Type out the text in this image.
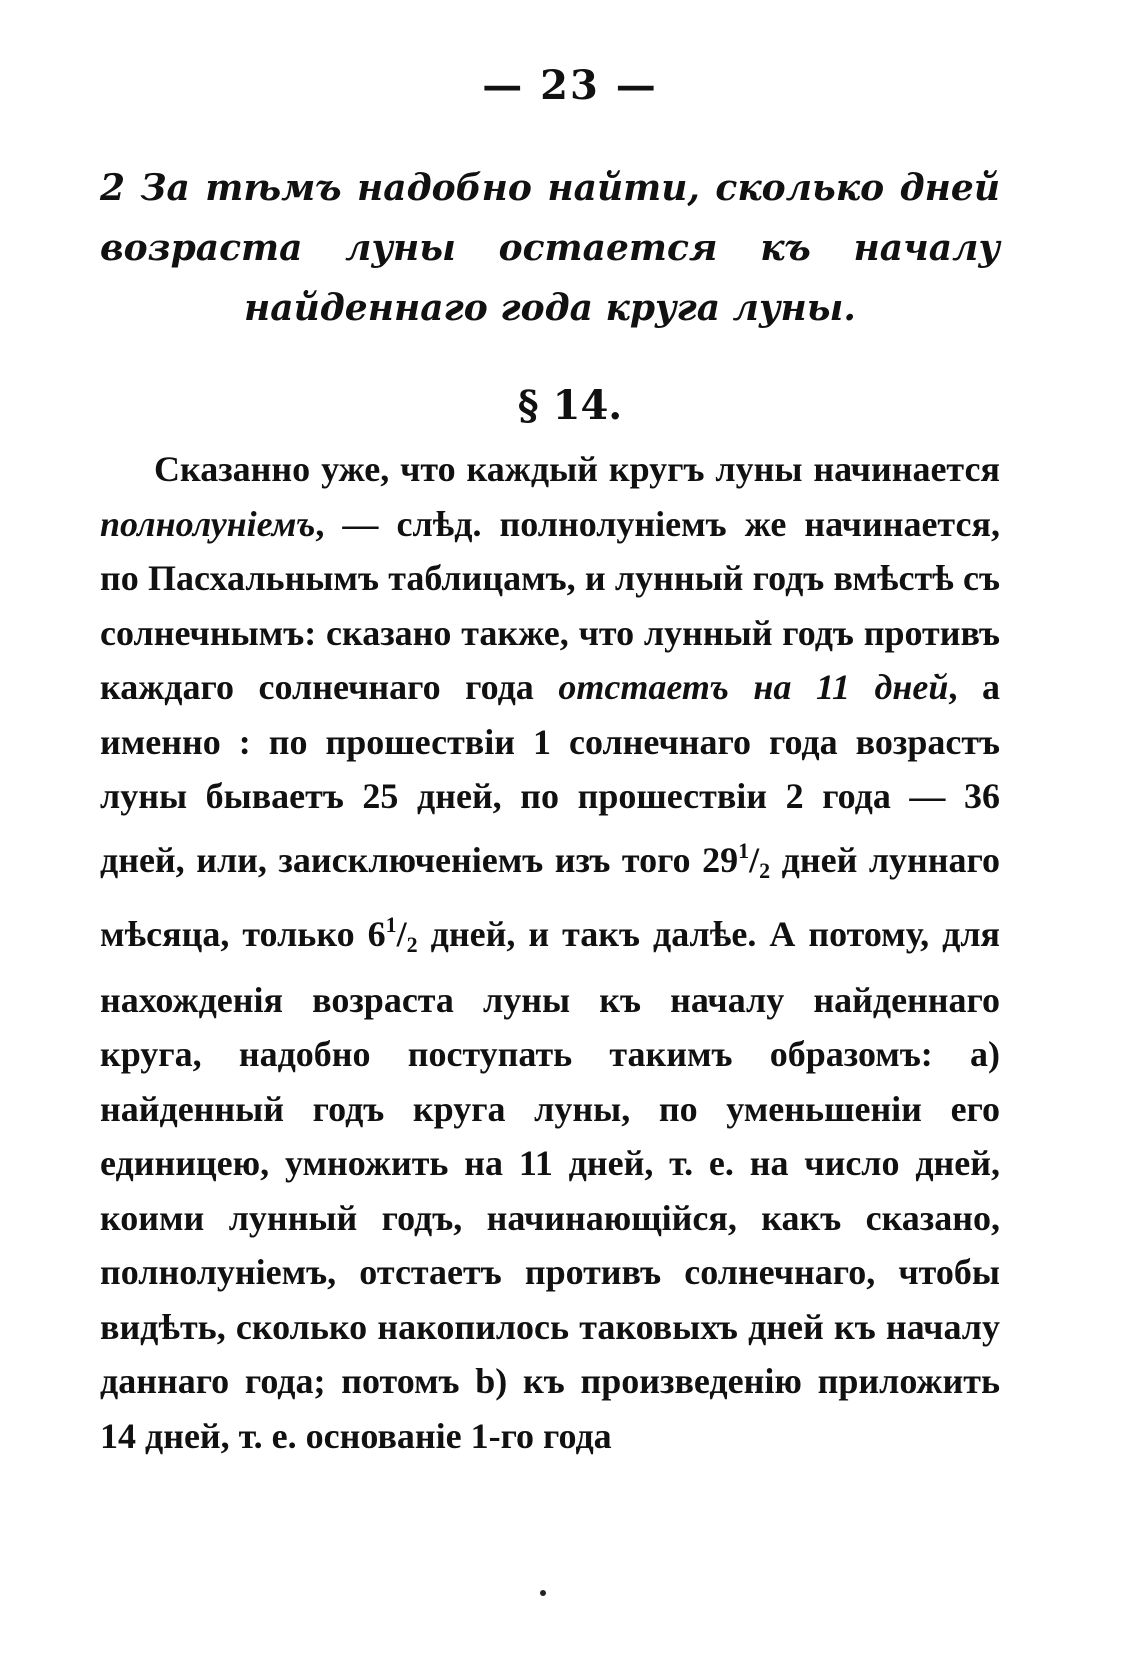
— 23 —
2 За тѣмъ надобно найти, сколько дней возраста луны остается къ началу найденнаго года круга луны.
§ 14.
Сказанно уже, что каждый кругъ луны начинается полнолуніемъ, — слѣд. полнолуніемъ же начинается, по Пасхальнымъ таблицамъ, и лунный годъ вмѣстѣ съ солнечнымъ: сказано также, что лунный годъ противъ каждаго солнечнаго года отстаетъ на 11 дней, а именно : по прошествіи 1 солнечнаго года возрастъ луны бываетъ 25 дней, по прошествіи 2 года — 36 дней, или, заисключеніемъ изъ того $29^1/_2$ дней луннаго мѣсяца, только $6^1/_2$ дней, и такъ далѣе. А потому, для нахожденія возраста луны къ началу найденнаго круга, надобно поступать такимъ образомъ: а) найденный годъ круга луны, по уменьшеніи его единицею, умножить на 11 дней, т. е. на число дней, коими лунный годъ, начинающійся, какъ сказано, полнолуніемъ, отстаетъ противъ солнечнаго, чтобы видѣть, сколько накопилось таковыхъ дней къ началу даннаго года; потомъ b) къ произведенію приложить 14 дней, т. е. основаніе 1-го года
